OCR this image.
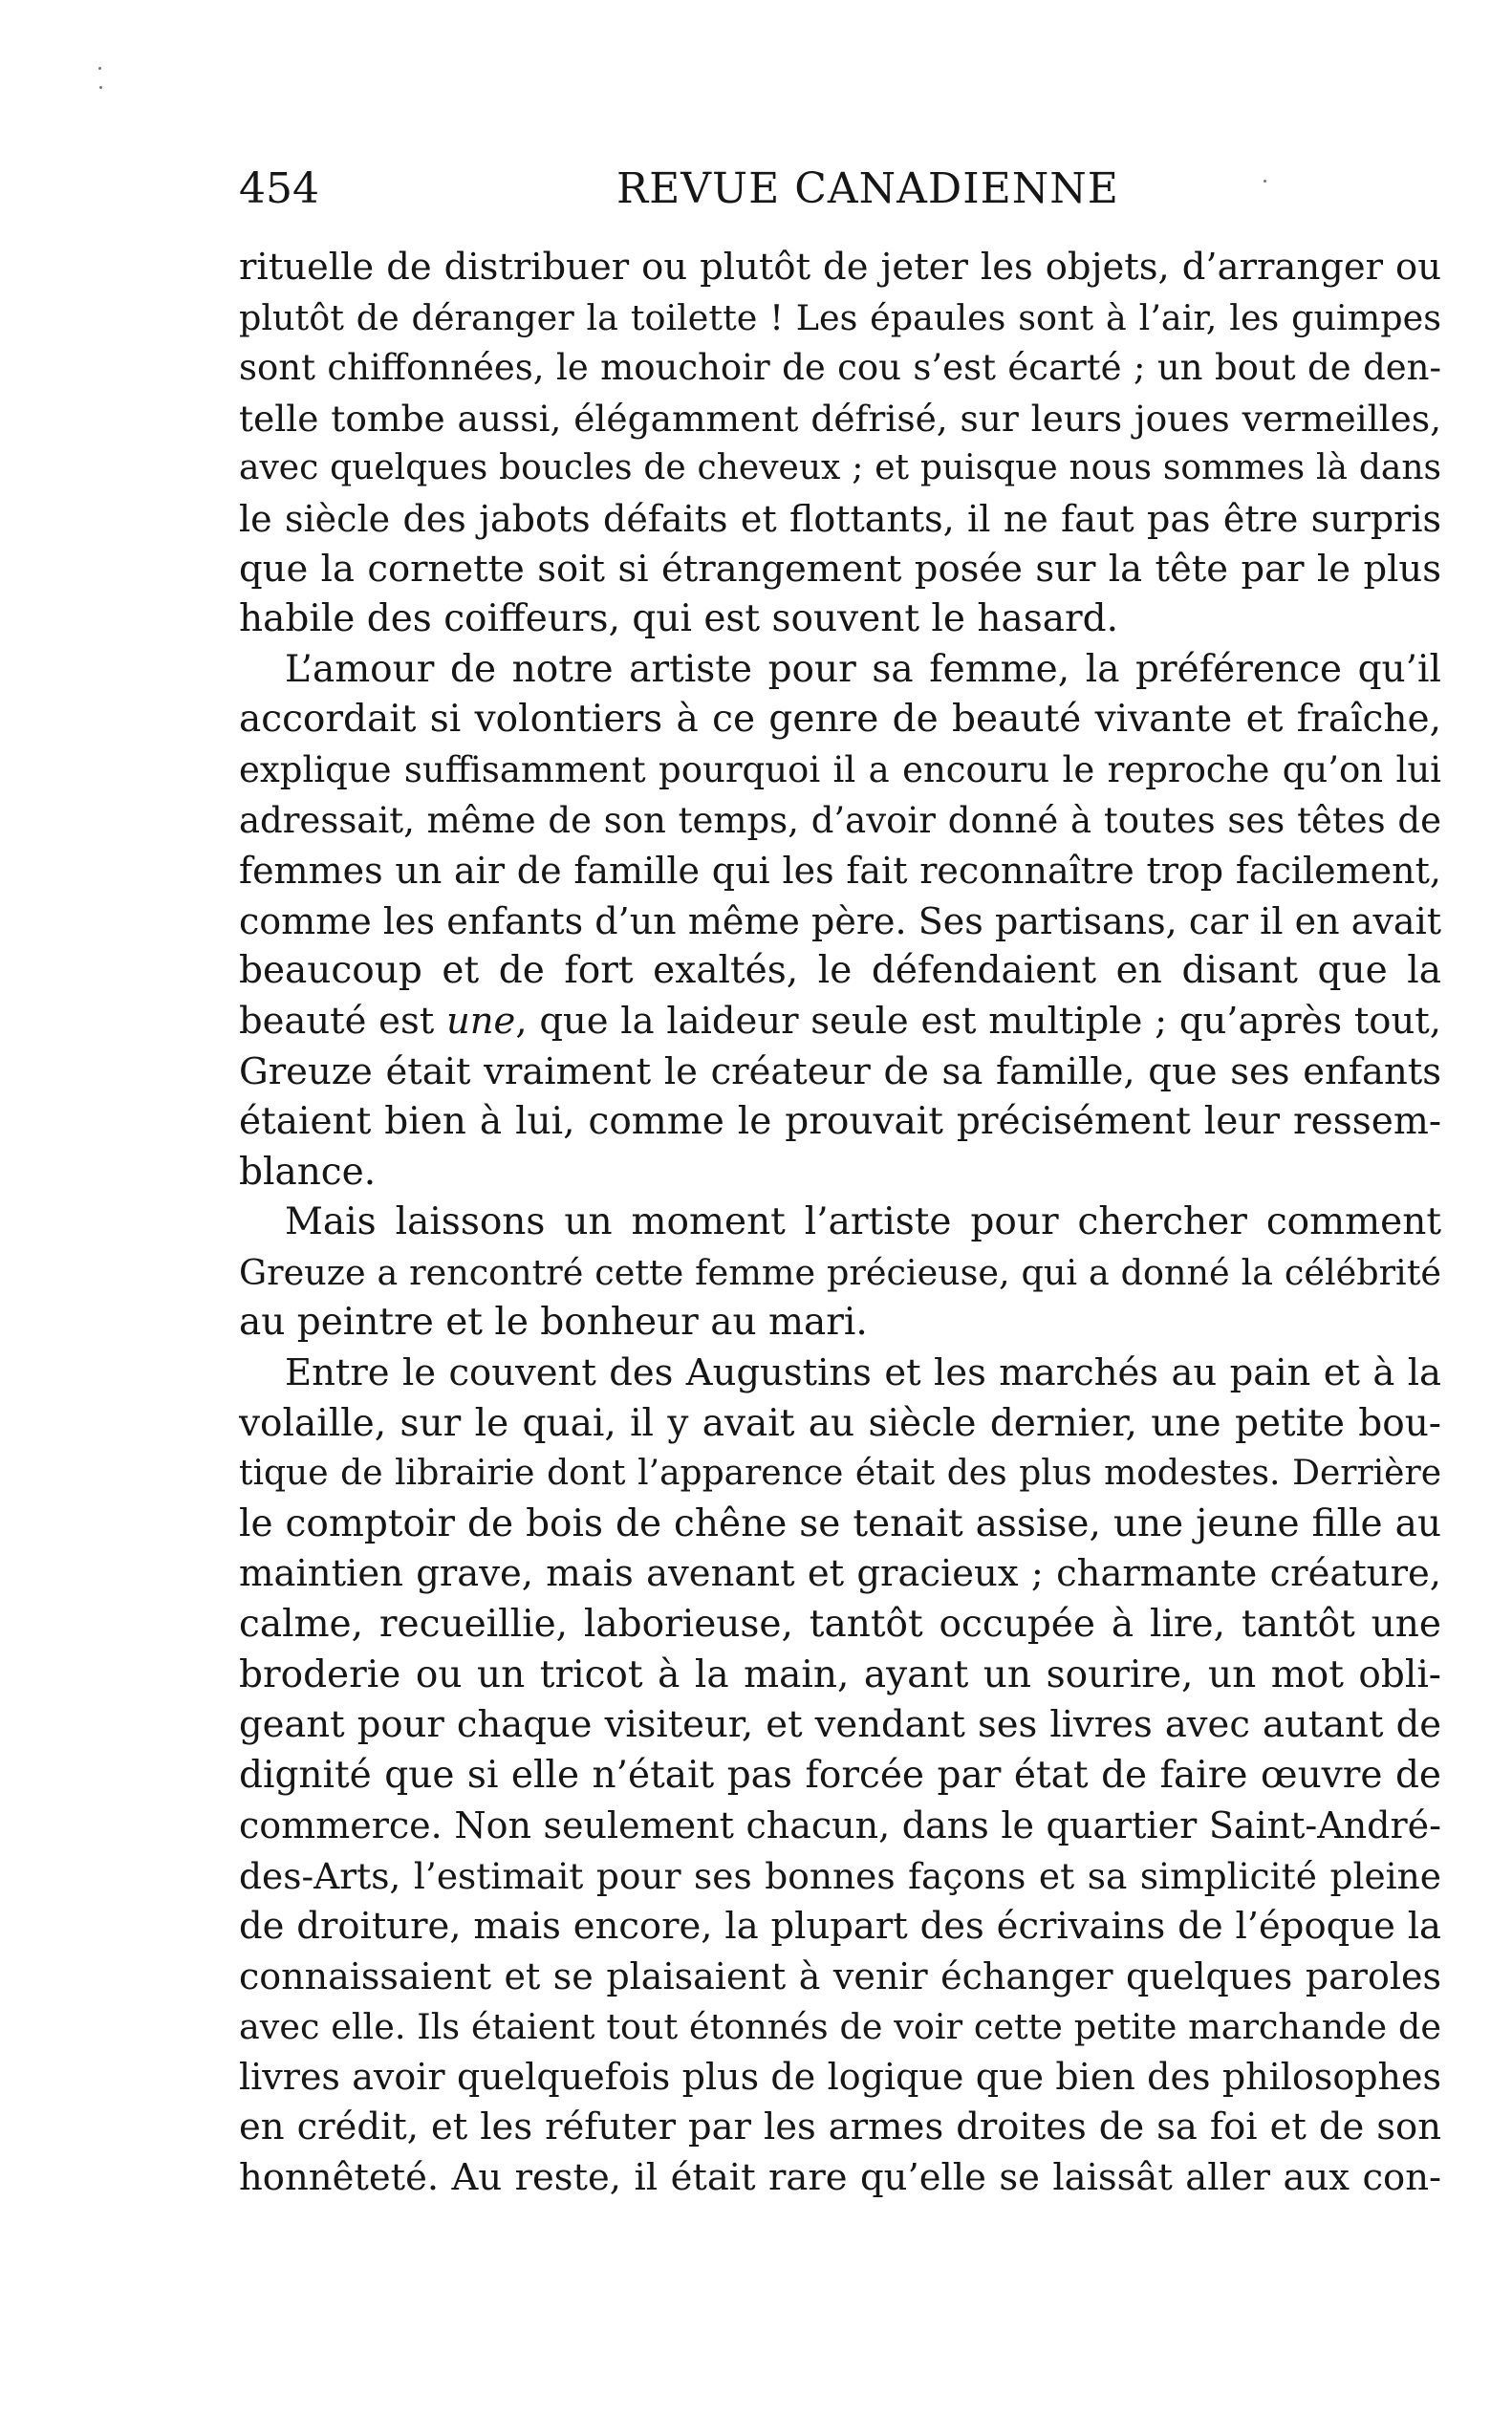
454	REVUE CANADIENNE
rituelle de distribuer ou plutôt de jeter les objets, d’arranger ou
plutôt de déranger la toilette ! Les épaules sont à l’air, les guimpes
sont chiffonnées, le mouchoir de cou s’est écarté ; un bout de den-
telle tombe aussi, élégamment défrisé, sur leurs joues vermeilles,
avec quelques boucles de cheveux ; et puisque nous sommes là dans
le siècle des jabots défaits et flottants, il ne faut pas être surpris
que la cornette soit si étrangement posée sur la tête par le plus
habile des coiffeurs, qui est souvent le hasard.
L’amour de notre artiste pour sa femme, la préférence qu’il
accordait si volontiers à ce genre de beauté vivante et fraîche,
explique suffisamment pourquoi il a encouru le reproche qu’on lui
adressait, même de son temps, d’avoir donné à toutes ses têtes de
femmes un air de famille qui les fait reconnaître trop facilement,
comme les enfants d’un même père. Ses partisans, car il en avait
beaucoup et de fort exaltés, le défendaient en disant que la
beauté est une, que la laideur seule est multiple ; qu’après tout,
Greuze était vraiment le créateur de sa famille, que ses enfants
étaient bien à lui, comme le prouvait précisément leur ressem-
blance.
Mais laissons un moment l’artiste pour chercher comment
Greuze a rencontré cette femme précieuse, qui a donné la célébrité
au peintre et le bonheur au mari.
Entre le couvent des Augustins et les marchés au pain et à la
volaille, sur le quai, il y avait au siècle dernier, une petite bou-
tique de librairie dont l’apparence était des plus modestes. Derrière
le comptoir de bois de chêne se tenait assise, une jeune fille au
maintien grave, mais avenant et gracieux ; charmante créature,
calme, recueillie, laborieuse, tantôt occupée à lire, tantôt une
broderie ou un tricot à la main, ayant un sourire, un mot obli-
geant pour chaque visiteur, et vendant ses livres avec autant de
dignité que si elle n’était pas forcée par état de faire œuvre de
commerce. Non seulement chacun, dans le quartier Saint-André-
des-Arts, l’estimait pour ses bonnes façons et sa simplicité pleine
de droiture, mais encore, la plupart des écrivains de l’époque la
connaissaient et se plaisaient à venir échanger quelques paroles
avec elle. Ils étaient tout étonnés de voir cette petite marchande de
livres avoir quelquefois plus de logique que bien des philosophes
en crédit, et les réfuter par les armes droites de sa foi et de son
honnêteté. Au reste, il était rare qu’elle se laissât aller aux con-
